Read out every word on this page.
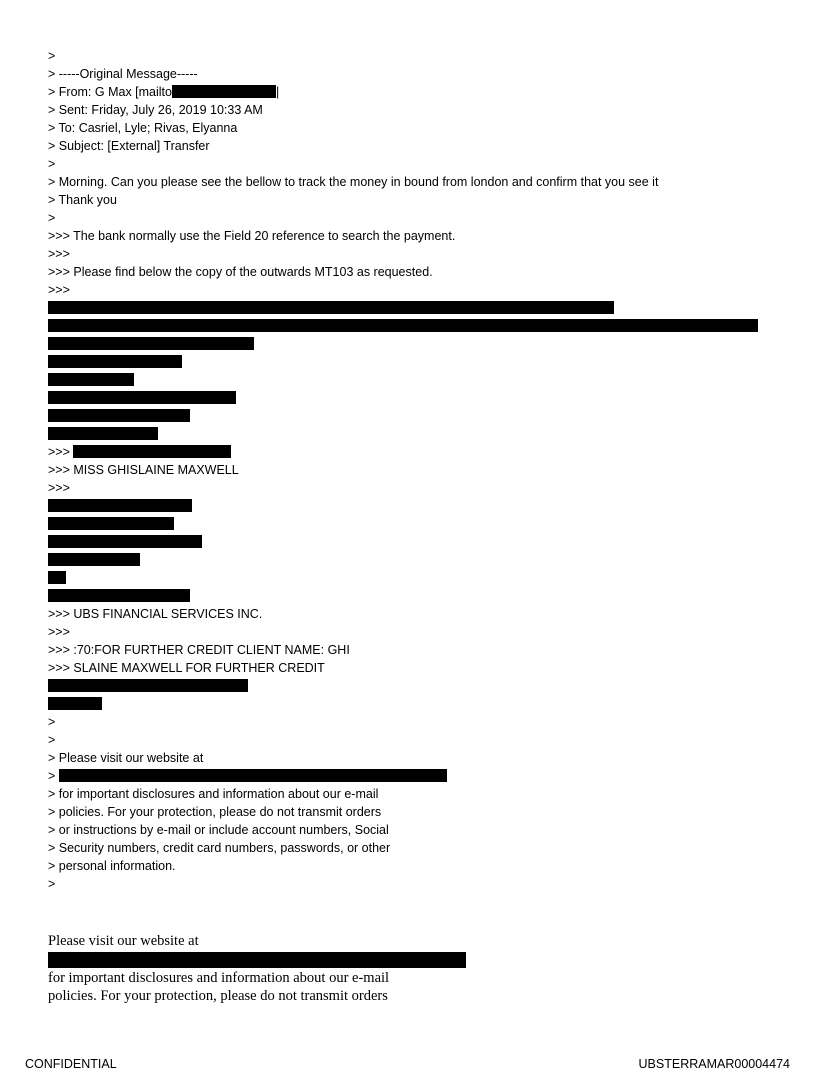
>
> -----Original Message-----
> From: G Max [mailto	|
> Sent: Friday, July 26, 2019 10:33 AM
> To: Casriel, Lyle; Rivas, Elyanna
> Subject: [External] Transfer
>
> Morning. Can you please see the bellow to track the money in bound from london and confirm that you see it
> Thank you
>
>>> The bank normally use the Field 20 reference to search the payment.
>>>
>>> Please find below the copy of the outwards MT103 as requested.
>>>
>>>
>>> MISS GHISLAINE MAXWELL
>>>
>>> UBS FINANCIAL SERVICES INC.
>>>
>>> :70:FOR FURTHER CREDIT CLIENT NAME: GHI
>>> SLAINE MAXWELL FOR FURTHER CREDIT
>
>
> Please visit our website at
>
> for important disclosures and information about our e-mail
> policies. For your protection, please do not transmit orders
> or instructions by e-mail or include account numbers, Social
> Security numbers, credit card numbers, passwords, or other
> personal information.
>
Please visit our website at
for important disclosures and information about our e-mail
policies. For your protection, please do not transmit orders
CONFIDENTIAL	UBSTERRAMAR00004474
